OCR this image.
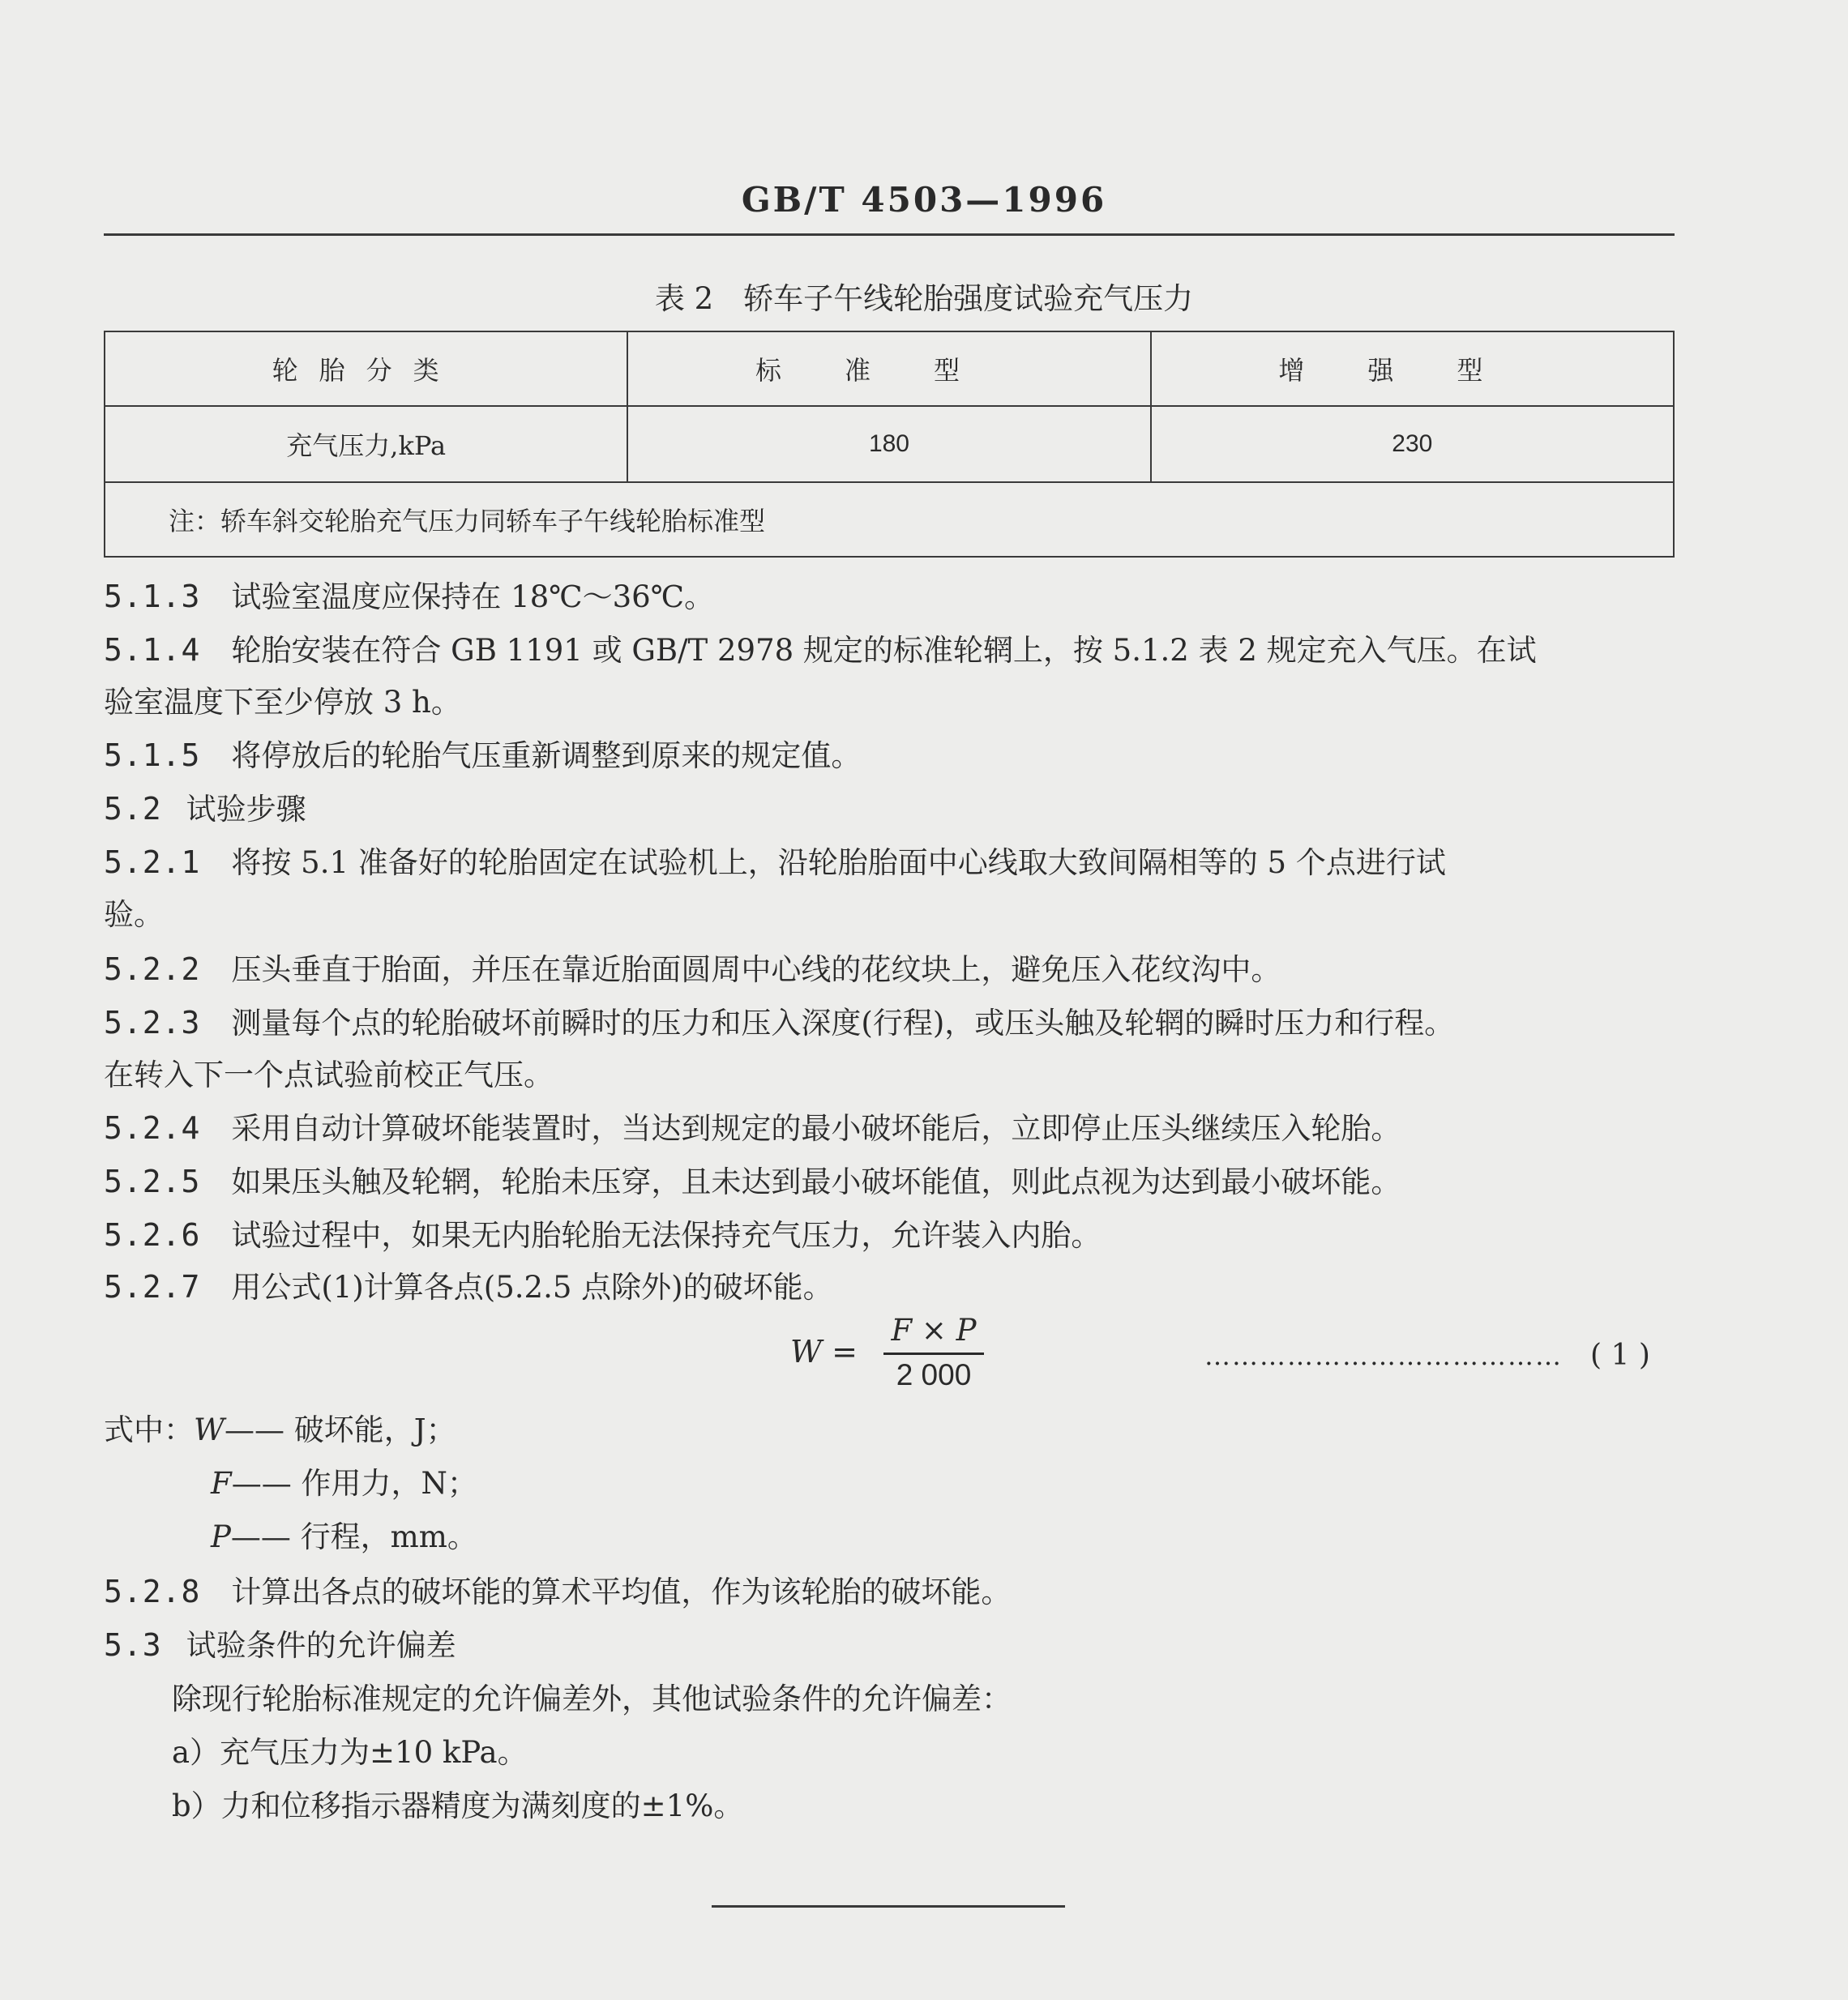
GB/T 4503—1996
表 2　轿车子午线轮胎强度试验充气压力
轮胎分类	标准型	增强型
充气压力,kPa	180	230
注：轿车斜交轮胎充气压力同轿车子午线轮胎标准型		
5.1.3 试验室温度应保持在 18℃～36℃。
5.1.4 轮胎安装在符合 GB 1191 或 GB/T 2978 规定的标准轮辋上，按 5.1.2 表 2 规定充入气压。在试
验室温度下至少停放 3 h。
5.1.5 将停放后的轮胎气压重新调整到原来的规定值。
5.2 试验步骤
5.2.1 将按 5.1 准备好的轮胎固定在试验机上，沿轮胎胎面中心线取大致间隔相等的 5 个点进行试
验。
5.2.2 压头垂直于胎面，并压在靠近胎面圆周中心线的花纹块上，避免压入花纹沟中。
5.2.3 测量每个点的轮胎破坏前瞬时的压力和压入深度(行程)，或压头触及轮辋的瞬时压力和行程。
在转入下一个点试验前校正气压。
5.2.4 采用自动计算破坏能装置时，当达到规定的最小破坏能后，立即停止压头继续压入轮胎。
5.2.5 如果压头触及轮辋，轮胎未压穿，且未达到最小破坏能值，则此点视为达到最小破坏能。
5.2.6 试验过程中，如果无内胎轮胎无法保持充气压力，允许装入内胎。
5.2.7 用公式(1)计算各点(5.2.5 点除外)的破坏能。
W =
F × P
2 000
………………………………… ( 1 )
式中：W—— 破坏能，J；
F—— 作用力，N；
P—— 行程，mm。
5.2.8 计算出各点的破坏能的算术平均值，作为该轮胎的破坏能。
5.3 试验条件的允许偏差
除现行轮胎标准规定的允许偏差外，其他试验条件的允许偏差：
a）充气压力为±10 kPa。
b）力和位移指示器精度为满刻度的±1%。
